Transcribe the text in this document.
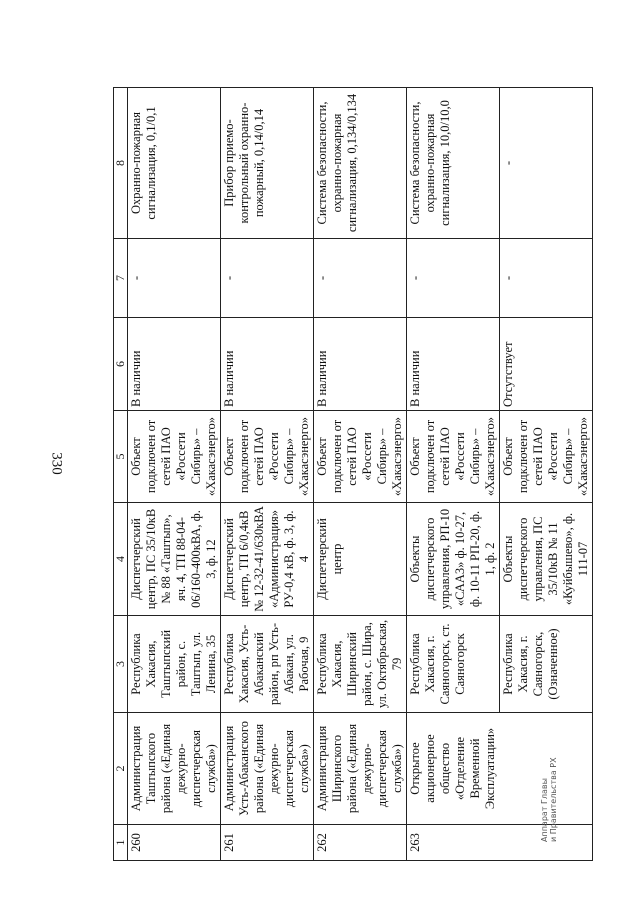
330
1	2	3	4	5	6	7	8
260	Администрация Таштыпского района («Единая дежурно-диспетчерская служба»)	Республика Хакасия, Таштыпский район, с. Таштып, ул. Ленина, 35	Диспетчерский центр, ПС 35/10кВ № 88 «Таштып», яч. 4, ТП 88-04-06/160-400кВА, ф. 3, ф. 12	Объект подключен от сетей ПАО «Россети Сибирь» – «Хакасэнерго»	В наличии	-	Охранно-пожарная сигнализация, 0,1/0,1
261	Администрация Усть-Абаканского района («Единая дежурно-диспетчерская служба»)	Республика Хакасия, Усть-Абаканский район, рп Усть-Абакан, ул. Рабочая, 9	Диспетчерский центр, ТП 6/0,4кВ № 12-32-41/630кВА «Администрация» РУ-0,4 кВ, ф. 3, ф. 4	Объект подключен от сетей ПАО «Россети Сибирь» – «Хакасэнерго»	В наличии	-	Прибор приемо-контрольный охранно-пожарный, 0,14/0,14
262	Администрация Ширинского района («Единая дежурно-диспетчерская служба»)	Республика Хакасия, Ширинский район, с. Шира, ул. Октябрьская, 79	Диспетчерский центр	Объект подключен от сетей ПАО «Россети Сибирь» – «Хакасэнерго»	В наличии	-	Система безопасности, охранно-пожарная сигнализация, 0,134/0,134
263	Открытое акционерное общество «Отделение Временной Эксплуатации»	Республика Хакасия, г. Саяногорск, ст. Саяногорск	Объекты диспетчерского управления, РП-10 «САА3» ф. 10-27, ф. 10-11 РП-20, ф. 1, ф. 2	Объект подключен от сетей ПАО «Россети Сибирь» – «Хакасэнерго»	В наличии	-	Система безопасности, охранно-пожарная сигнализация, 10,0/10,0
		Республика Хакасия, г. Саяногорск, (Означенное)	Объекты диспетчерского управления, ПС 35/10кВ № 11 «Куйбышево», ф. 111-07	Объект подключен от сетей ПАО «Россети Сибирь» – «Хакасэнерго»	Отсутствует	-	-
Аппарат Главы и Правительства РХ
